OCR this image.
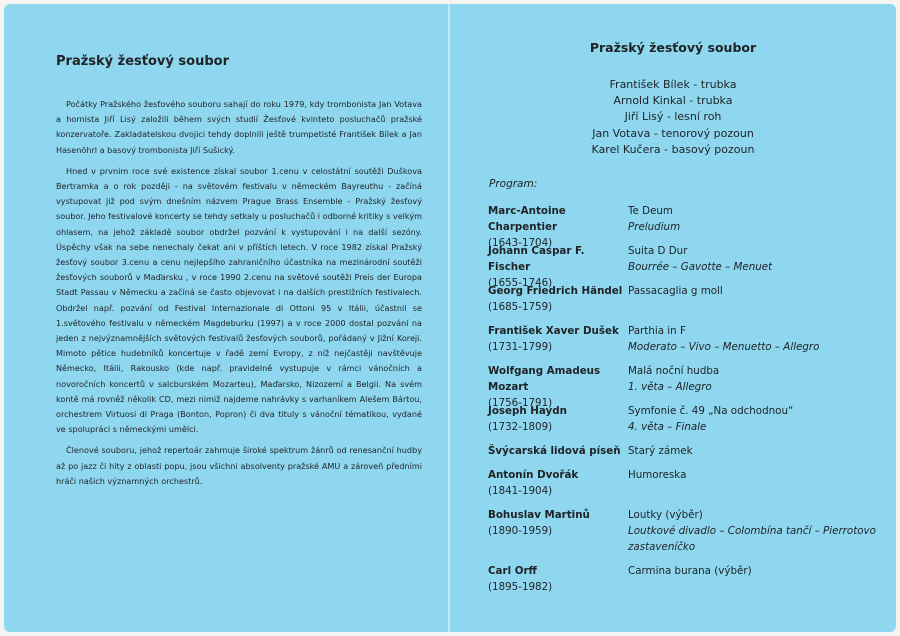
Pražský žesťový soubor

Počátky Pražského žesťového souboru sahají do roku 1979, kdy trombonista Jan Votava a hornista Jiří Lisý založili během svých studií Žesťové kvinteto posluchačů pražské konzervatoře. Zakladatelskou dvojici tehdy doplnili ještě trumpetisté František Bílek a Jan Hasenöhrl a basový trombonista Jiří Sušický.

Hned v prvním roce své existence získal soubor 1.cenu v celostátní soutěži Duškova Bertramka a o rok později - na světovém festivalu v německém Bayreuthu - začíná vystupovat již pod svým dnešním názvem Prague Brass Ensemble - Pražský žesťový soubor. Jeho festivalové koncerty se tehdy setkaly u posluchačů i odborné kritiky s velkým ohlasem, na jehož základě soubor obdržel pozvání k vystupování i na další sezóny. Úspěchy však na sebe nenechaly čekat ani v příštích letech. V roce 1982 získal Pražský žesťový soubor 3.cenu a cenu nejlepšího zahraničního účastníka na mezinárodní soutěži žesťových souborů v Maďarsku , v roce 1990 2.cenu na světové soutěži Preis der Europa Stadt Passau v Německu a začíná se často objevovat i na dalších prestižních festivalech. Obdržel např. pozvání od Festival Internazionale di Ottoni 95 v Itálii, účastnil se 1.světového festivalu v německém Magdeburku (1997) a v roce 2000 dostal pozvání na jeden z nejvýznamnějších světových festivalů žesťových souborů, pořádaný v Jižní Koreji. Mimoto pětice hudebníků koncertuje v řadě zemí Evropy, z níž nejčastěji navštěvuje Německo, Itálii, Rakousko (kde např. pravidelně vystupuje v rámci vánočních a novoročních koncertů v salcburském Mozarteu), Maďarsko, Nizozemí a Belgii. Na svém kontě má rovněž několik CD, mezi nimiž najdeme nahrávky s varhaníkem Alešem Bártou, orchestrem Virtuosi di Praga (Bonton, Popron) či dva tituly s vánoční tématikou, vydané ve spolupráci s německými umělci.

Členové souboru, jehož repertoár zahrnuje široké spektrum žánrů od renesanční hudby až po jazz či hity z oblasti popu, jsou všichni absolventy pražské AMU a zároveň předními hráči našich významných orchestrů.

Pražský žesťový soubor
František Bílek - trubka
Arnold Kinkal - trubka
Jiří Lisý - lesní roh
Jan Votava - tenorový pozoun
Karel Kučera - basový pozoun
Program:
Marc-Antoine Charpentier
(1643-1704)
Te Deum
Preludium
Johann Caspar F. Fischer
(1655-1746)
Suita D Dur
Bourrée – Gavotte – Menuet
Georg Friedrich Händel
(1685-1759)
Passacaglia g moll
František Xaver Dušek
(1731-1799)
Parthia in F
Moderato – Vivo – Menuetto – Allegro
Wolfgang Amadeus Mozart
(1756-1791)
Malá noční hudba
1. věta – Allegro
Joseph Haydn
(1732-1809)
Symfonie č. 49 „Na odchodnou“
4. věta – Finale
Švýcarská lidová píseň Starý zámek
Antonín Dvořák
(1841-1904)
Humoreska
Bohuslav Martinů
(1890-1959)
Loutky (výběr)
Loutkové divadlo – Colombína tančí – Pierrotovo zastaveníčko
Carl Orff
(1895-1982)
Carmina burana (výběr)
